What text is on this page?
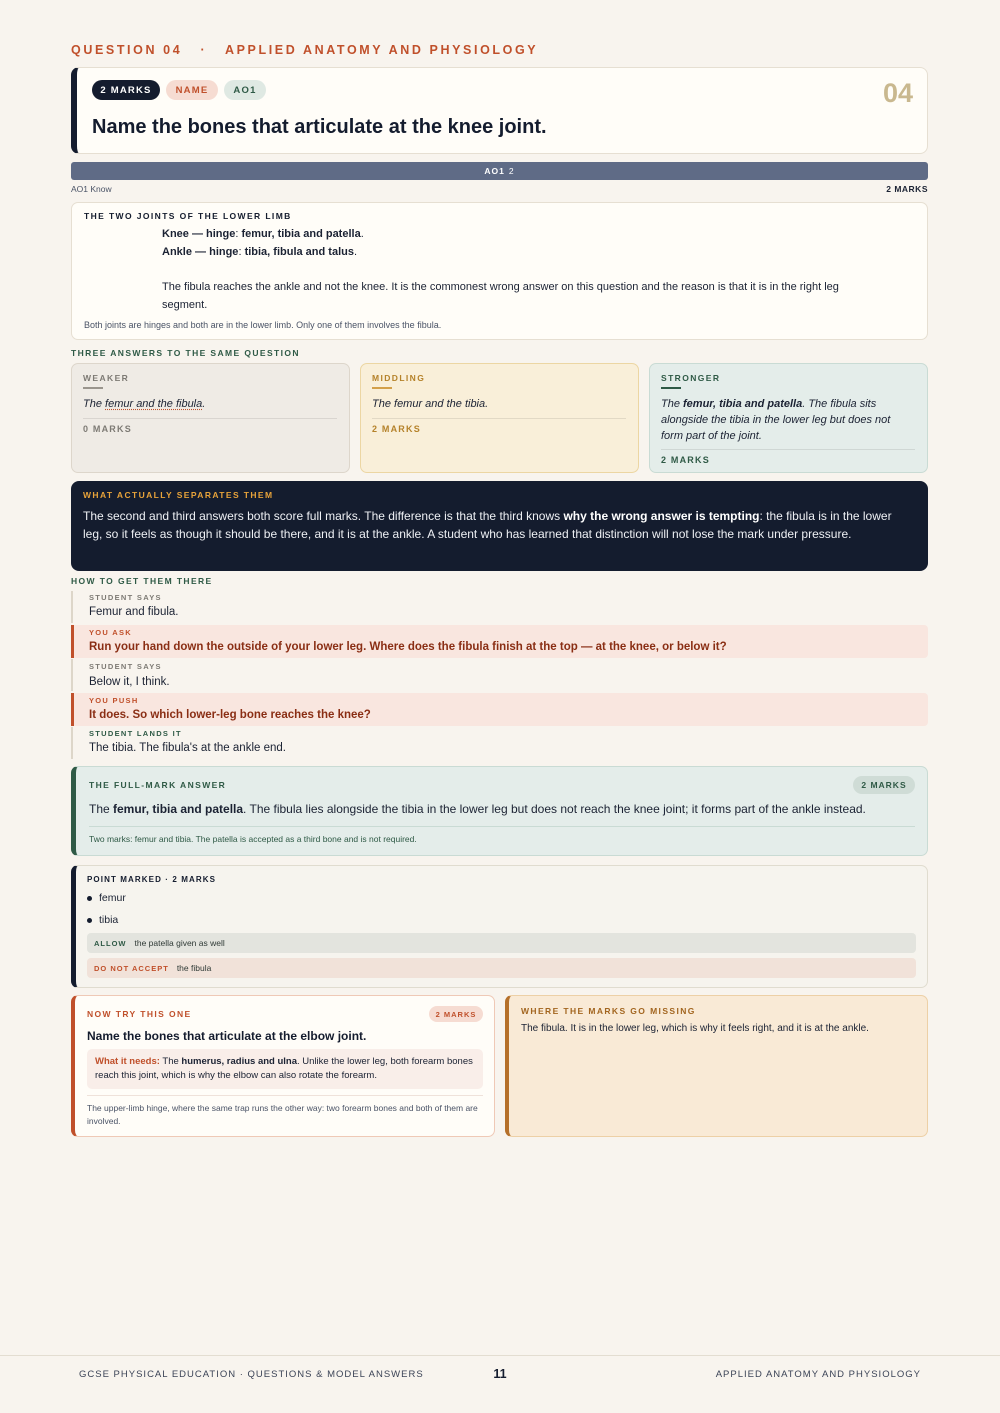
QUESTION 04   ·   APPLIED ANATOMY AND PHYSIOLOGY
2 MARKS	NAME	AO1	04
Name the bones that articulate at the knee joint.
AO1 2
AO1 Know	2 MARKS
THE TWO JOINTS OF THE LOWER LIMB
Knee — hinge: femur, tibia and patella.
Ankle — hinge: tibia, fibula and talus.
The fibula reaches the ankle and not the knee. It is the commonest wrong answer on this question and the reason is that it is in the right leg segment.
Both joints are hinges and both are in the lower limb. Only one of them involves the fibula.
THREE ANSWERS TO THE SAME QUESTION
WEAKER
The femur and the fibula.
0 MARKS
MIDDLING
The femur and the tibia.
2 MARKS
STRONGER
The femur, tibia and patella. The fibula sits alongside the tibia in the lower leg but does not form part of the joint.
2 MARKS
WHAT ACTUALLY SEPARATES THEM
The second and third answers both score full marks. The difference is that the third knows why the wrong answer is tempting: the fibula is in the lower leg, so it feels as though it should be there, and it is at the ankle. A student who has learned that distinction will not lose the mark under pressure.
HOW TO GET THEM THERE
STUDENT SAYS
Femur and fibula.
YOU ASK
Run your hand down the outside of your lower leg. Where does the fibula finish at the top — at the knee, or below it?
STUDENT SAYS
Below it, I think.
YOU PUSH
It does. So which lower-leg bone reaches the knee?
STUDENT LANDS IT
The tibia. The fibula's at the ankle end.
THE FULL-MARK ANSWER	2 MARKS
The femur, tibia and patella. The fibula lies alongside the tibia in the lower leg but does not reach the knee joint; it forms part of the ankle instead.
Two marks: femur and tibia. The patella is accepted as a third bone and is not required.
POINT MARKED · 2 MARKS
femur
tibia
ALLOW the patella given as well
DO NOT ACCEPT the fibula
NOW TRY THIS ONE	2 MARKS
Name the bones that articulate at the elbow joint.
What it needs: The humerus, radius and ulna. Unlike the lower leg, both forearm bones reach this joint, which is why the elbow can also rotate the forearm.
The upper-limb hinge, where the same trap runs the other way: two forearm bones and both of them are involved.
WHERE THE MARKS GO MISSING
The fibula. It is in the lower leg, which is why it feels right, and it is at the ankle.
GCSE PHYSICAL EDUCATION · QUESTIONS & MODEL ANSWERS	11	APPLIED ANATOMY AND PHYSIOLOGY
